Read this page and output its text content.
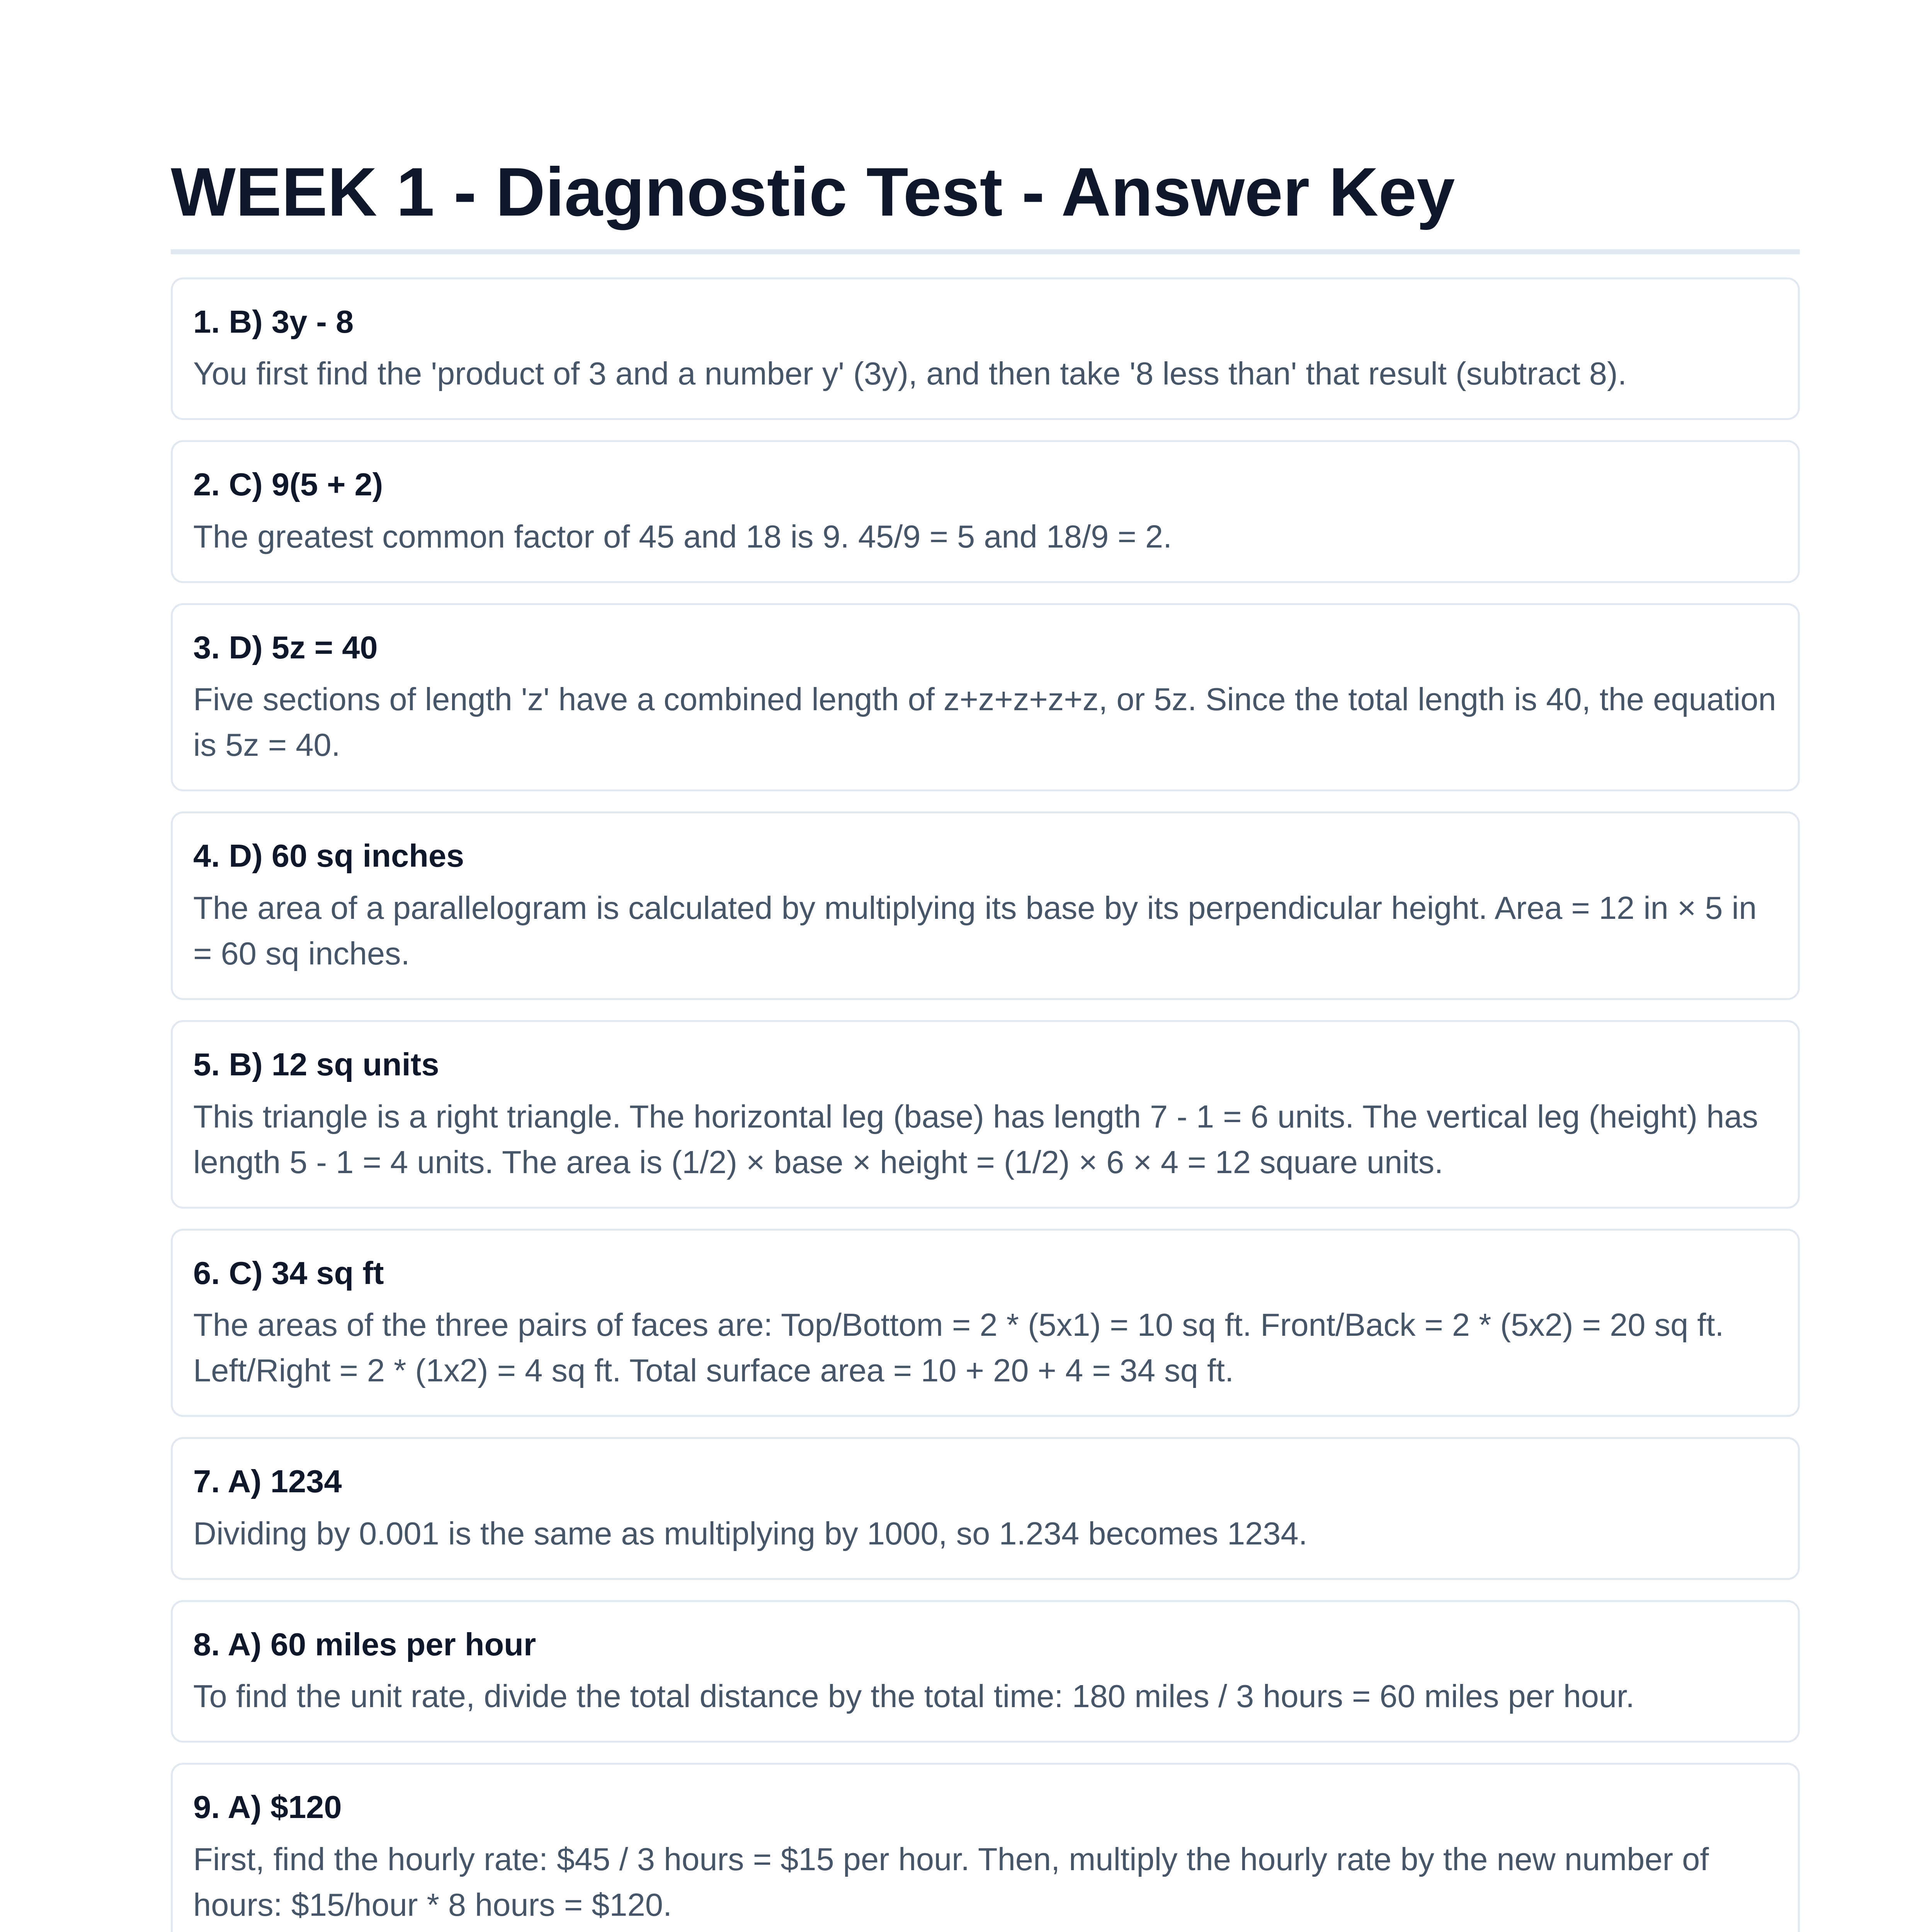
WEEK 1 - Diagnostic Test - Answer Key
1. B) 3y - 8

You first find the 'product of 3 and a number y' (3y), and then take '8 less than' that result (subtract 8).

2. C) 9(5 + 2)

The greatest common factor of 45 and 18 is 9. 45/9 = 5 and 18/9 = 2.

3. D) 5z = 40

Five sections of length 'z' have a combined length of z+z+z+z+z, or 5z. Since the total length is 40, the equation is 5z = 40.

4. D) 60 sq inches

The area of a parallelogram is calculated by multiplying its base by its perpendicular height. Area = 12 in × 5 in = 60 sq inches.

5. B) 12 sq units

This triangle is a right triangle. The horizontal leg (base) has length 7 - 1 = 6 units. The vertical leg (height) has length 5 - 1 = 4 units. The area is (1/2) × base × height = (1/2) × 6 × 4 = 12 square units.

6. C) 34 sq ft

The areas of the three pairs of faces are: Top/Bottom = 2 * (5x1) = 10 sq ft. Front/Back = 2 * (5x2) = 20 sq ft. Left/Right = 2 * (1x2) = 4 sq ft. Total surface area = 10 + 20 + 4 = 34 sq ft.

7. A) 1234

Dividing by 0.001 is the same as multiplying by 1000, so 1.234 becomes 1234.

8. A) 60 miles per hour

To find the unit rate, divide the total distance by the total time: 180 miles / 3 hours = 60 miles per hour.

9. A) $120

First, find the hourly rate: $45 / 3 hours = $15 per hour. Then, multiply the hourly rate by the new number of hours: $15/hour * 8 hours = $120.
